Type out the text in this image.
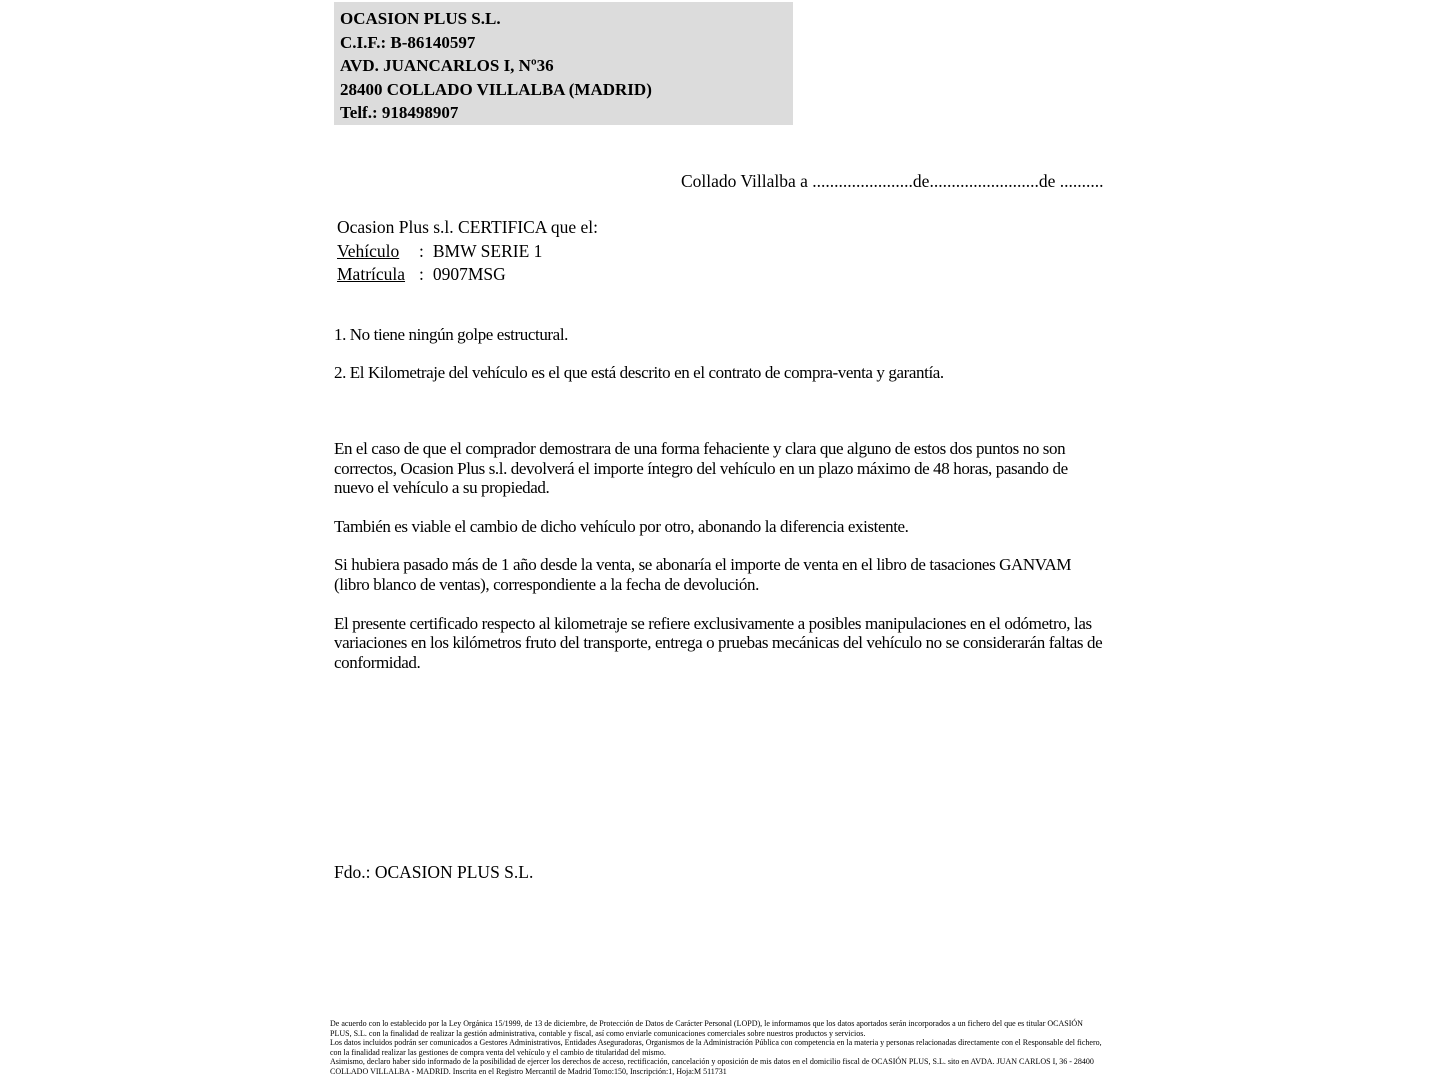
OCASION PLUS S.L.
C.I.F.: B-86140597
AVD. JUANCARLOS I, Nº36
28400 COLLADO VILLALBA (MADRID)
Telf.: 918498907
Collado Villalba a .......................de.........................de ..........
Ocasion Plus s.l. CERTIFICA que el:
Vehículo : BMW SERIE 1
Matrícula : 0907MSG
1. No tiene ningún golpe estructural.
2. El Kilometraje del vehículo es el que está descrito en el contrato de compra-venta y garantía.
En el caso de que el comprador demostrara de una forma fehaciente y clara que alguno de estos dos puntos no son correctos, Ocasion Plus s.l. devolverá el importe íntegro del vehículo en un plazo máximo de 48 horas, pasando de nuevo el vehículo a su propiedad.
También es viable el cambio de dicho vehículo por otro, abonando la diferencia existente.
Si hubiera pasado más de 1 año desde la venta, se abonaría el importe de venta en el libro de tasaciones GANVAM (libro blanco de ventas), correspondiente a la fecha de devolución.
El presente certificado respecto al kilometraje se refiere exclusivamente a posibles manipulaciones en el odómetro, las variaciones en los kilómetros fruto del transporte, entrega o pruebas mecánicas del vehículo no se considerarán faltas de conformidad.
Fdo.: OCASION PLUS S.L.
De acuerdo con lo establecido por la Ley Orgánica 15/1999, de 13 de diciembre, de Protección de Datos de Carácter Personal (LOPD), le informamos que los datos aportados serán incorporados a un fichero del que es titular OCASIÓN PLUS, S.L. con la finalidad de realizar la gestión administrativa, contable y fiscal, así como enviarle comunicaciones comerciales sobre nuestros productos y servicios.
Los datos incluidos podrán ser comunicados a Gestores Administrativos, Entidades Aseguradoras, Organismos de la Administración Pública con competencia en la materia y personas relacionadas directamente con el Responsable del fichero, con la finalidad realizar las gestiones de compra venta del vehículo y el cambio de titularidad del mismo.
Asimismo, declaro haber sido informado de la posibilidad de ejercer los derechos de acceso, rectificación, cancelación y oposición de mis datos en el domicilio fiscal de OCASIÓN PLUS, S.L. sito en AVDA. JUAN CARLOS I, 36 - 28400 COLLADO VILLALBA - MADRID. Inscrita en el Registro Mercantil de Madrid Tomo:150, Inscripción:1, Hoja:M 511731
